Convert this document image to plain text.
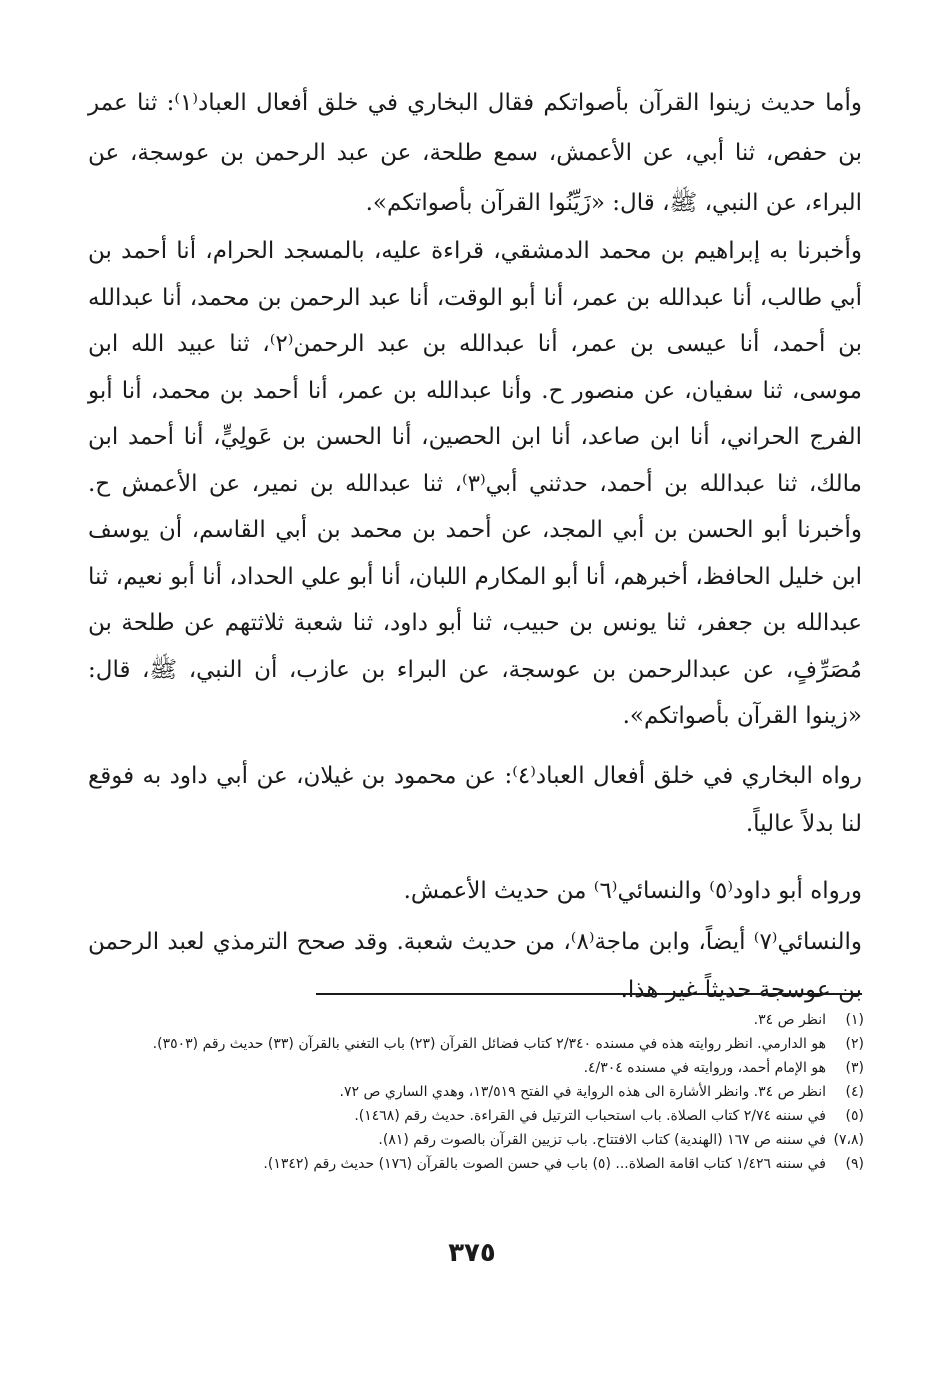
وأما حديث زينوا القرآن بأصواتكم فقال البخاري في خلق أفعال العباد⁽١⁾: ثنا عمر بن حفص، ثنا أبي، عن الأعمش، سمع طلحة، عن عبد الرحمن بن عوسجة، عن البراء، عن النبي، ﷺ، قال: «زَيِّنُوا القرآن بأصواتكم».

وأخبرنا به إبراهيم بن محمد الدمشقي، قراءة عليه، بالمسجد الحرام، أنا أحمد بن أبي طالب، أنا عبدالله بن عمر، أنا أبو الوقت، أنا عبد الرحمن بن محمد، أنا عبدالله بن أحمد، أنا عيسى بن عمر، أنا عبدالله بن عبد الرحمن⁽٢⁾، ثنا عبيد الله ابن موسى، ثنا سفيان، عن منصور ح. وأنا عبدالله بن عمر، أنا أحمد بن محمد، أنا أبو الفرج الحراني، أنا ابن صاعد، أنا ابن الحصين، أنا الحسن بن عَولِيٍّ، أنا أحمد ابن مالك، ثنا عبدالله بن أحمد، حدثني أبي⁽٣⁾، ثنا عبدالله بن نمير، عن الأعمش ح. وأخبرنا أبو الحسن بن أبي المجد، عن أحمد بن محمد بن أبي القاسم، أن يوسف ابن خليل الحافظ، أخبرهم، أنا أبو المكارم اللبان، أنا أبو علي الحداد، أنا أبو نعيم، ثنا عبدالله بن جعفر، ثنا يونس بن حبيب، ثنا أبو داود، ثنا شعبة ثلاثتهم عن طلحة بن مُصَرِّفٍ، عن عبدالرحمن بن عوسجة، عن البراء بن عازب، أن النبي، ﷺ، قال: «زينوا القرآن بأصواتكم».

رواه البخاري في خلق أفعال العباد⁽٤⁾: عن محمود بن غيلان، عن أبي داود به فوقع لنا بدلاً عالياً.

ورواه أبو داود⁽٥⁾ والنسائي⁽٦⁾ من حديث الأعمش.

والنسائي⁽٧⁾ أيضاً، وابن ماجة⁽٨⁾، من حديث شعبة. وقد صحح الترمذي لعبد الرحمن بن عوسجة حديثاً غير هذا.

(١)
انظر ص ٣٤.
(٢)
هو الدارمي. انظر روايته هذه في مسنده ٢/٣٤٠ كتاب فضائل القرآن (٢٣) باب التغني بالقرآن (٣٣) حديث رقم (٣٥٠٣).
(٣)
هو الإمام أحمد، وروايته في مسنده ٤/٣٠٤.
(٤)
انظر ص ٣٤. وانظر الأشارة الى هذه الرواية في الفتح ١٣/٥١٩، وهدي الساري ص ٧٢.
(٥)
في سننه ٢/٧٤ كتاب الصلاة. باب استحباب الترتيل في القراءة. حديث رقم (١٤٦٨).
(٧،٨)
في سننه ص ١٦٧ (الهندية) كتاب الافتتاح. باب تزيين القرآن بالصوت رقم (٨١).
(٩)
في سننه ١/٤٢٦ كتاب اقامة الصلاة... (٥) باب في حسن الصوت بالقرآن (١٧٦) حديث رقم (١٣٤٢).
٣٧٥
